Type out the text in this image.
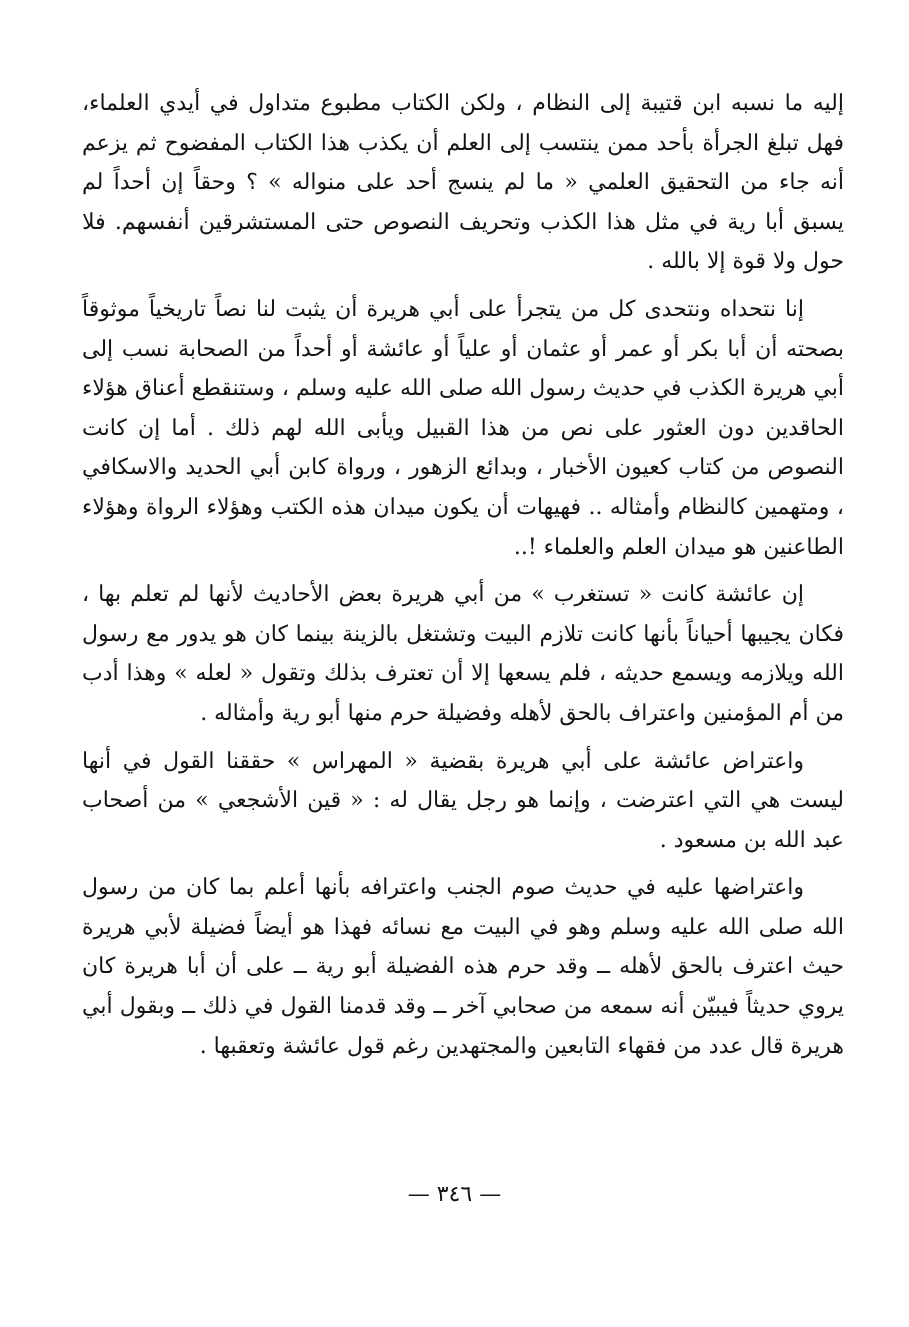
إليه ما نسبه ابن قتيبة إلى النظام ، ولكن الكتاب مطبوع متداول في أيدي العلماء، فهل تبلغ الجرأة بأحد ممن ينتسب إلى العلم أن يكذب هذا الكتاب المفضوح ثم يزعم أنه جاء من التحقيق العلمي « ما لم ينسج أحد على منواله » ؟ وحقاً إن أحداً لم يسبق أبا رية في مثل هذا الكذب وتحريف النصوص حتى المستشرقين أنفسهم. فلا حول ولا قوة إلا بالله .

إنا نتحداه ونتحدى كل من يتجرأ على أبي هريرة أن يثبت لنا نصاً تاريخياً موثوقاً بصحته أن أبا بكر أو عمر أو عثمان أو علياً أو عائشة أو أحداً من الصحابة نسب إلى أبي هريرة الكذب في حديث رسول الله صلى الله عليه وسلم ، وستنقطع أعناق هؤلاء الحاقدين دون العثور على نص من هذا القبيل ويأبى الله لهم ذلك . أما إن كانت النصوص من كتاب كعيون الأخبار ، وبدائع الزهور ، ورواة كابن أبي الحديد والاسكافي ، ومتهمين كالنظام وأمثاله .. فهيهات أن يكون ميدان هذه الكتب وهؤلاء الرواة وهؤلاء الطاعنين هو ميدان العلم والعلماء !..

إن عائشة كانت « تستغرب » من أبي هريرة بعض الأحاديث لأنها لم تعلم بها ، فكان يجيبها أحياناً بأنها كانت تلازم البيت وتشتغل بالزينة بينما كان هو يدور مع رسول الله ويلازمه ويسمع حديثه ، فلم يسعها إلا أن تعترف بذلك وتقول « لعله » وهذا أدب من أم المؤمنين واعتراف بالحق لأهله وفضيلة حرم منها أبو رية وأمثاله .

واعتراض عائشة على أبي هريرة بقضية « المهراس » حققنا القول في أنها ليست هي التي اعترضت ، وإنما هو رجل يقال له : « قين الأشجعي » من أصحاب عبد الله بن مسعود .

واعتراضها عليه في حديث صوم الجنب واعترافه بأنها أعلم بما كان من رسول الله صلى الله عليه وسلم وهو في البيت مع نسائه فهذا هو أيضاً فضيلة لأبي هريرة حيث اعترف بالحق لأهله ــ وقد حرم هذه الفضيلة أبو رية ــ على أن أبا هريرة كان يروي حديثاً فيبيّن أنه سمعه من صحابي آخر ــ وقد قدمنا القول في ذلك ــ وبقول أبي هريرة قال عدد من فقهاء التابعين والمجتهدين رغم قول عائشة وتعقبها .

— ٣٤٦ —
